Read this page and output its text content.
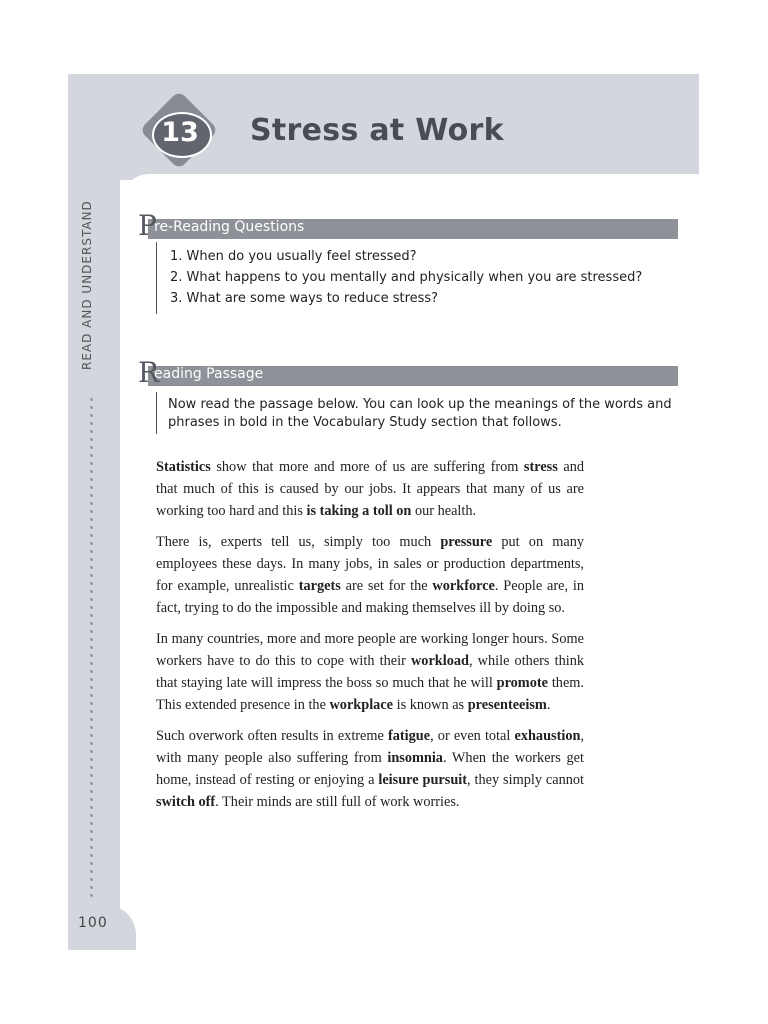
13	Stress at Work
READ AND UNDERSTAND P
re-Reading Questions
1. When do you usually feel stressed?
2. What happens to you mentally and physically when you are stressed?
3. What are some ways to reduce stress?
R
eading Passage
Now read the passage below. You can look up the meanings of the words and phrases in bold in the Vocabulary Study section that follows.

Statistics show that more and more of us are suffering from stress and that much of this is caused by our jobs. It appears that many of us are working too hard and this is taking a toll on our health.

There is, experts tell us, simply too much pressure put on many employees these days. In many jobs, in sales or production departments, for example, unrealistic targets are set for the workforce. People are, in fact, trying to do the impossible and making themselves ill by doing so.

In many countries, more and more people are working longer hours. Some workers have to do this to cope with their workload, while others think that staying late will impress the boss so much that he will promote them. This extended presence in the workplace is known as presenteeism.

Such overwork often results in extreme fatigue, or even total exhaustion, with many people also suffering from insomnia. When the workers get home, instead of resting or enjoying a leisure pursuit, they simply cannot switch off. Their minds are still full of work worries.

100
